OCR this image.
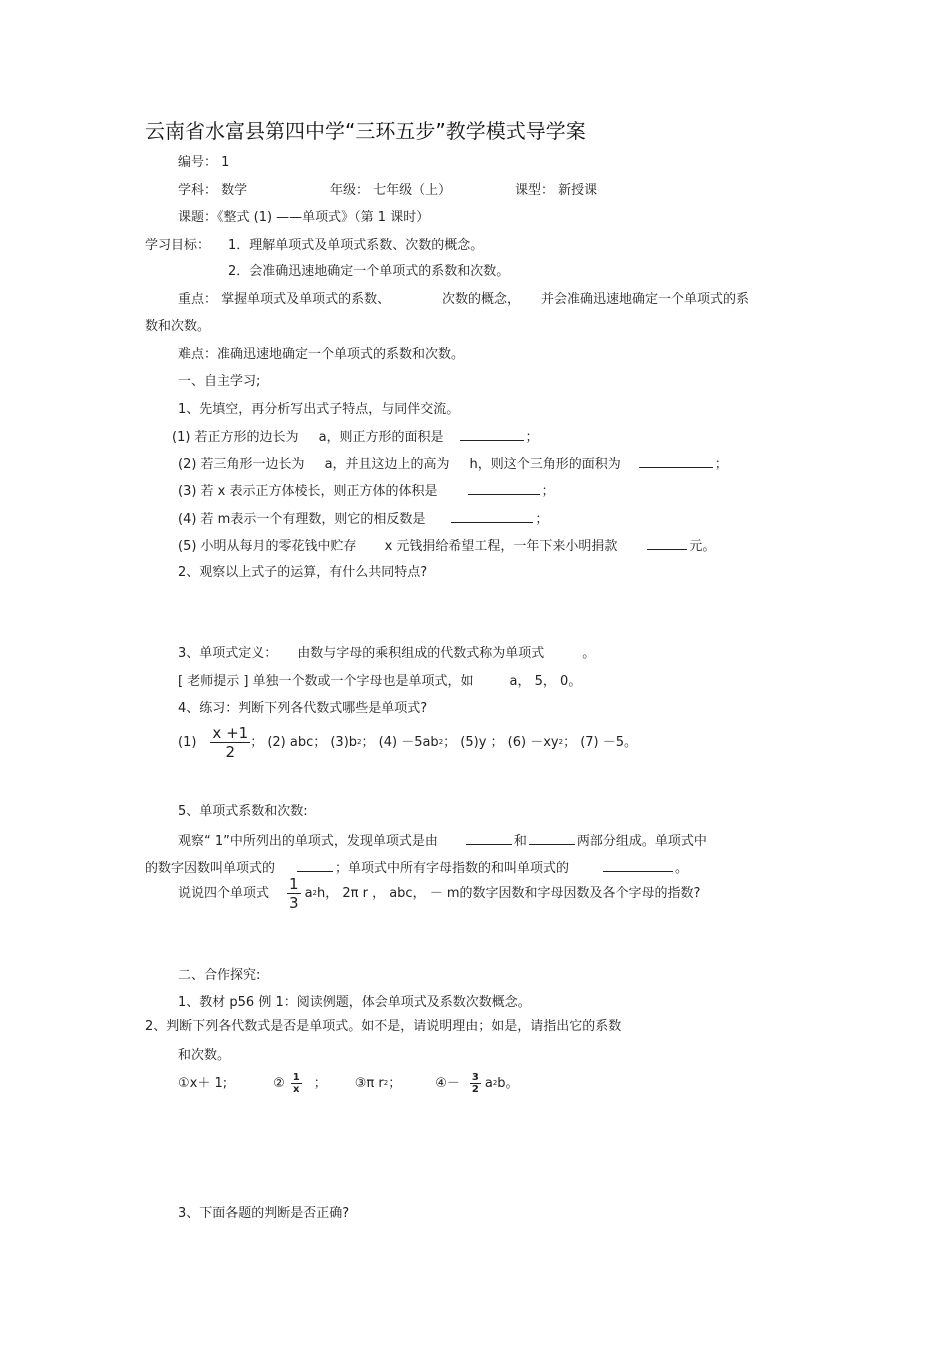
云南省水富县第四中学“三环五步”教学模式导学案
编号： 1
学科： 数学	年级： 七年级（上）	课型： 新授课
课题：《整式 (1) ——单项式》（第 1 课时）
学习目标： 1．理解单项式及单项式系数、次数的概念。
2．会准确迅速地确定一个单项式的系数和次数。
重点： 掌握单项式及单项式的系数、	次数的概念， 并会准确迅速地确定一个单项式的系
数和次数。
难点：准确迅速地确定一个单项式的系数和次数。
一、自主学习;
1、先填空，再分析写出式子特点，与同伴交流。
(1) 若正方形的边长为 a，则正方形的面积是	；
(2) 若三角形一边长为 a，并且这边上的高为 h，则这个三角形的面积为	；
(3) 若 x 表示正方体棱长，则正方体的体积是	；
(4) 若 m表示一个有理数，则它的相反数是	；
(5) 小明从每月的零花钱中贮存 x 元钱捐给希望工程，一年下来小明捐款	元。
2、观察以上式子的运算，有什么共同特点?
3、单项式定义： 由数与字母的乘积组成的代数式称为单项式	。
[ 老师提示 ] 单独一个数或一个字母也是单项式，如	a， 5， 0。
4、练习：判断下列各代数式哪些是单项式?
$(1) \frac{x +1}{2}$ ； (2) abc； $(3)b^2$； $(4) -5ab^2$； (5)y ； $(6) -xy^2$； (7) －5。
5、单项式系数和次数:
观察“ 1”中所列出的单项式，发现单项式是由	和	两部分组成。单项式中
的数字因数叫单项式的	；单项式中所有字母指数的和叫单项式的	。
说说四个单项式 $\frac{1}{3} a^2h$， 2π r ， abc， － m的数字因数和字母因数及各个字母的指数?
二、合作探究:
1、教材 p56 例 1：阅读例题，体会单项式及系数次数概念。
2、判断下列各代数式是否是单项式。如不是，请说明理由；如是，请指出它的系数
和次数。
①x＋ 1;	② $\frac{1}{x}$ ； ③π $r^2$；	④－ $\frac{3}{2} a^2b$。
3、下面各题的判断是否正确?
